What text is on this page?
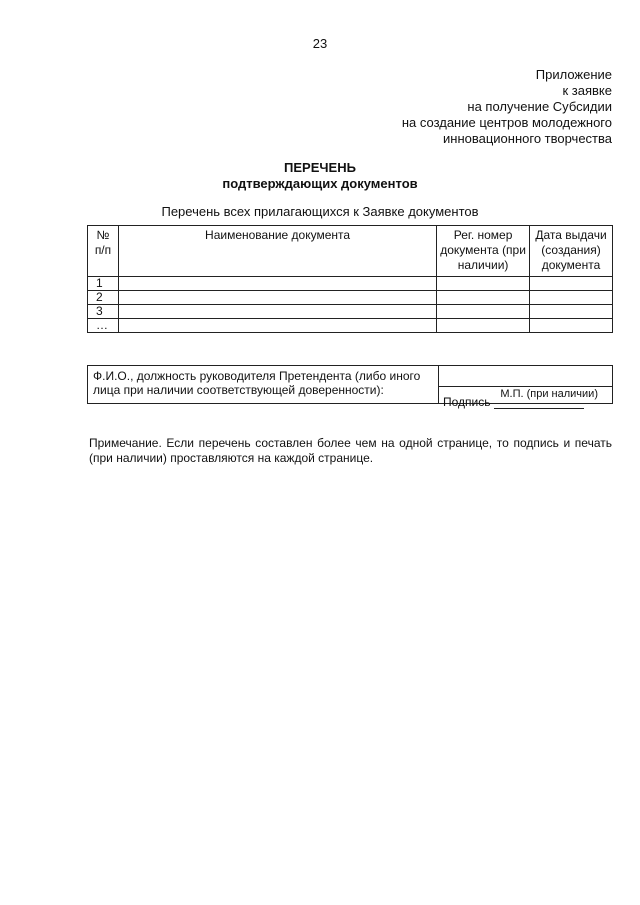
23
Приложение
к заявке
на получение Субсидии
на создание центров молодежного
инновационного творчества
ПЕРЕЧЕНЬ
подтверждающих документов
Перечень всех прилагающихся к Заявке документов
№ п/п	Наименование документа	Рег. номер документа (при наличии)	Дата выдачи (создания) документа
1			
2			
3			
…			
Ф.И.О., должность руководителя Претендента (либо иного лица при наличии соответствующей доверенности):	
Подпись
М.П. (при наличии)
Примечание. Если перечень составлен более чем на одной странице, то подпись и печать (при наличии) проставляются на каждой странице.
